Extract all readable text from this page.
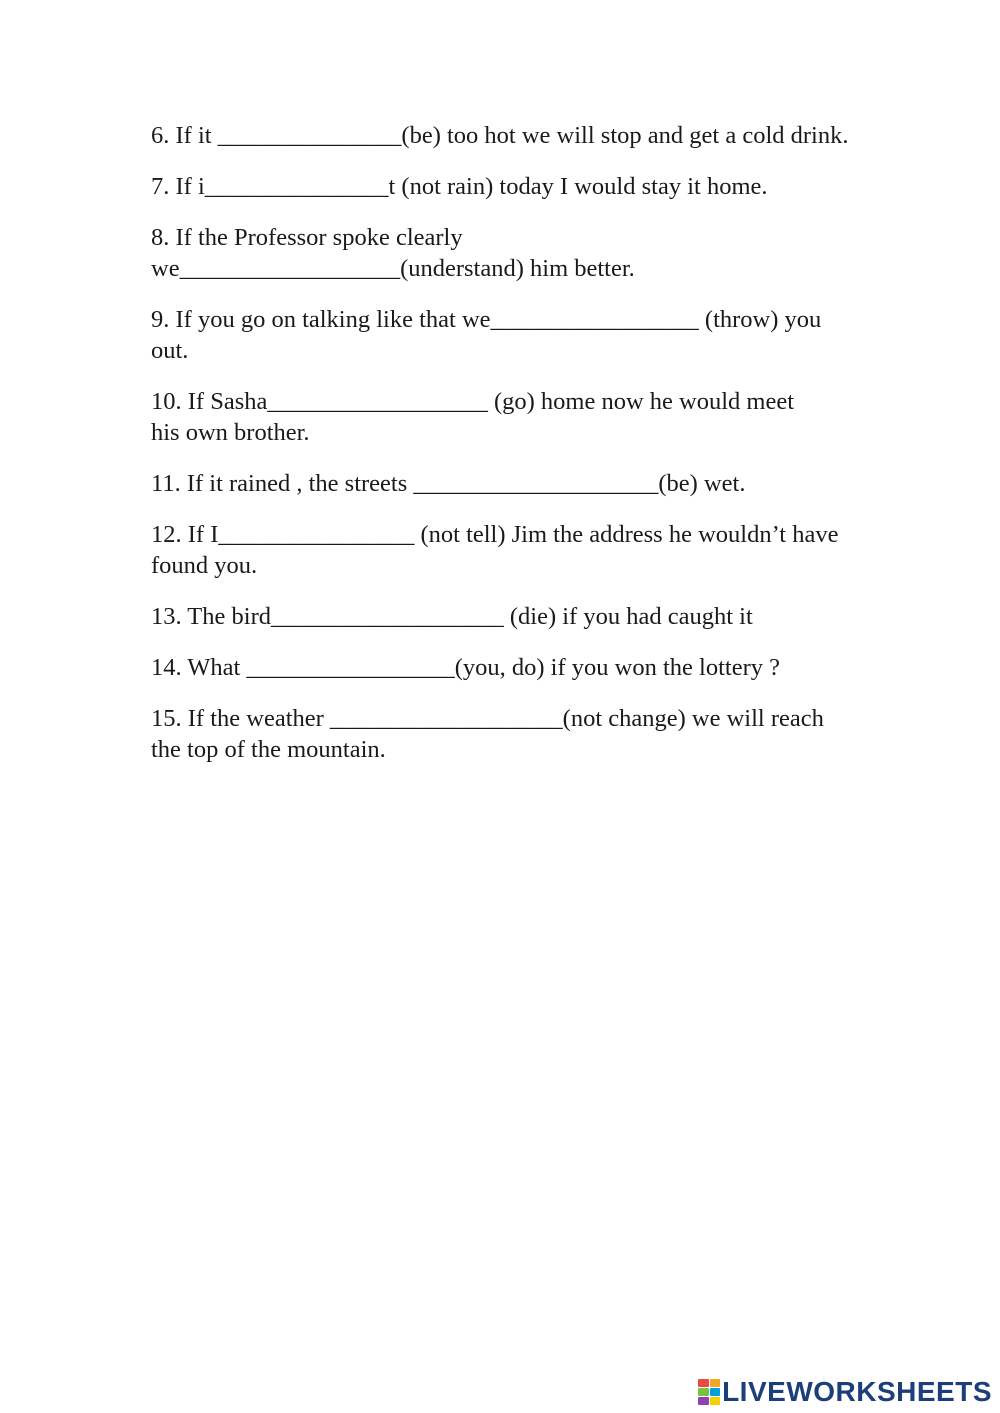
6. If it _______________(be) too hot we will stop and get a cold drink.

7. If i_______________t (not rain) today I would stay it home.

8. If the Professor spoke clearly we__________________(understand) him better.

9. If you go on talking like that we_________________ (throw) you out.

10. If Sasha__________________ (go) home now he would meet his own brother.

11. If it rained , the streets ____________________(be) wet.

12. If I________________ (not tell) Jim the address he wouldn’t have found you.

13. The bird___________________ (die) if you had caught it

14. What _________________(you, do) if you won the lottery ?

15. If the weather ___________________(not change) we will reach the top of the mountain.

LIVEWORKSHEETS
